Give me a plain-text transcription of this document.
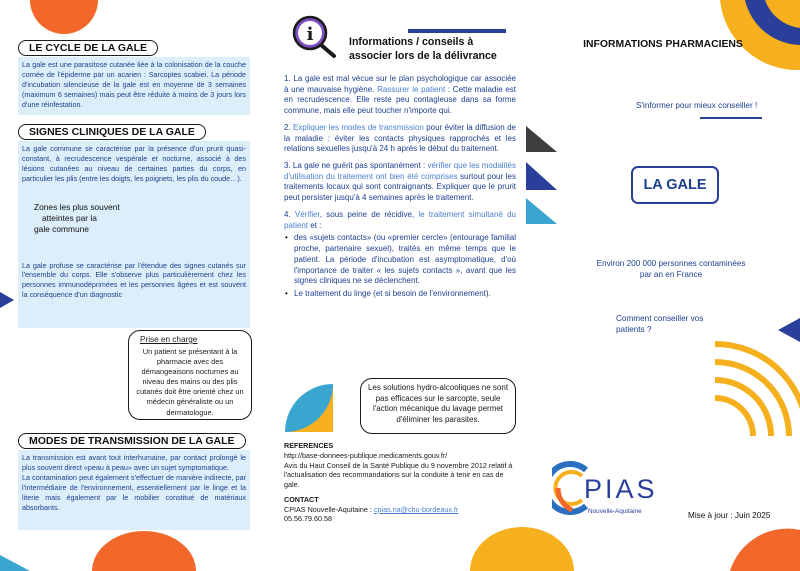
LE CYCLE DE LA GALE
La gale est une parasitose cutanée liée à la colonisation de la couche cornée de l'épiderme par un acarien : Sarcoptes scabiei. La période d'incubation silencieuse de la gale est en moyenne de 3 semaines (maximum 6 semaines) mais peut être réduite à moins de 3 jours lors d'une réinfestation.
SIGNES CLINIQUES DE LA GALE
La gale commune se caractérise par la présence d'un prurit quasi-constant, à recrudescence vespérale et nocturne, associé à des lésions cutanées au niveau de certaines parties du corps, en particulier les plis (entre les doigts, les poignets, les plis du coude…).
Zones les plus souvent
atteintes par la
gale commune
La gale profuse se caractérise par l'étendue des signes cutanés sur l'ensemble du corps. Elle s'observe plus particulièrement chez les personnes immunodéprimées et les personnes âgées et est souvent la conséquence d'un diagnostic
Prise en charge
Un patient se présentant à la pharmacie avec des démangeaisons nocturnes au niveau des mains ou des plis cutanés doit être orienté chez un médecin généraliste ou un dermatologue.
MODES DE TRANSMISSION DE LA GALE
La transmission est avant tout interhumaine, par contact prolongé le plus souvent direct «peau à peau» avec un sujet symptomatique.
La contamination peut également s'effectuer de manière indirecte, par l'intermédiaire de l'environnement, essentiellement par le linge et la literie mais également par le mobilier constitué de matériaux absorbants.
i	Informations / conseils à
associer lors de la délivrance

1. La gale est mal vécue sur le plan psychologique car associée à une mauvaise hygiène. Rassurer le patient : Cette maladie est en recrudescence. Elle reste peu contagieuse dans sa forme commune, mais elle peut toucher n'importe qui.

2. Expliquer les modes de transmission pour éviter la diffusion de la maladie : éviter les contacts physiques rapprochés et les relations sexuelles jusqu'à 24 h après le début du traitement.

3. La gale ne guérit pas spontanément : vérifier que les modalités d'utilisation du traitement ont bien été comprises surtout pour les traitements locaux qui sont contraignants. Expliquer que le prurit peut persister jusqu'à 4 semaines après le traitement.

4. Vérifier, sous peine de récidive, le traitement simultané du patient et :

• des «sujets contacts» (ou «premier cercle» (entourage familial proche, partenaire sexuel), traités en même temps que le patient. La période d'incubation est asymptomatique, d'où l'importance de traiter « les sujets contacts », avant que les signes cliniques ne se déclenchent.
• Le traitement du linge (et si besoin de l'environnement).
Les solutions hydro-alcooliques ne sont pas efficaces sur le sarcopte, seule l'action mécanique du lavage permet d'éliminer les parasites.
REFERENCES
http://base-donnees-publique.medicaments.gouv.fr/
Avis du Haut Conseil de la Santé Publique du 9 novembre 2012 relatif à l'actualisation des recommandations sur la conduite à tenir en cas de gale.
CONTACT
CPIAS Nouvelle-Aquitaine : cpias.na@chu-bordeaux.fr
05.56.79.60.58
INFORMATIONS PHARMACIENS
S'informer pour mieux conseiller !
LA GALE
Environ 200 000 personnes contaminées par an en France
Comment conseiller vos
patients ?
PIAS
Nouvelle-Aquitaine	Mise à jour : Juin 2025
